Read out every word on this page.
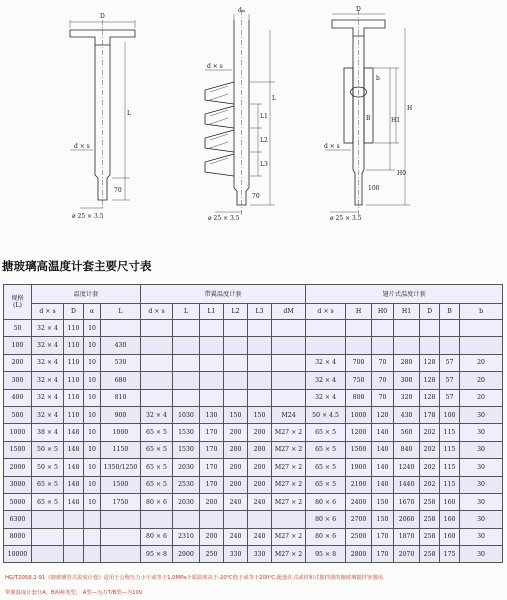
D
d × s
L
70
ø 25 × 3.5
dₘ
d × s
L
L1
L2
L3
70
ø 25 × 3.5
D
d × s
H
H1
H0
b
B
100
ø 25 × 3.5
搪玻璃高温度计套主要尺寸表
规格
(L)	温度计套				带翼温度计套						翅片式温度计套						
	d × s	D	α	L	d × s	L	L1	L2	L3	dM	d × s	H	H0	H1	D	B	b
50	32 × 4	110	10														
100	32 × 4	110	10	430													
200	32 × 4	110	10	530							32 × 4	700	70	280	128	57	20
300	32 × 4	110	10	680							32 × 4	750	70	300	128	57	20
400	32 × 4	110	10	810							32 × 4	800	70	320	128	57	20
500	32 × 4	110	10	900	32 × 4	1030	130	150	150	M24	50 × 4.5	1000	120	430	178	100	30
1000	38 × 4	148	10	1000	65 × 5	1530	170	200	200	M27 × 2	65 × 5	1200	140	560	202	115	30
1500	50 × 5	148	10	1150	65 × 5	1530	170	200	200	M27 × 2	65 × 5	1500	140	840	202	115	30
2000	50 × 5	148	10	1350/1250	65 × 5	2030	170	200	200	M27 × 2	65 × 5	1900	140	1240	202	115	30
3000	65 × 5	148	10	1500	65 × 5	2530	170	200	200	M27 × 2	65 × 5	2100	140	1440	202	115	30
5000	65 × 5	148	10	1750	80 × 6	2030	200	240	240	M27 × 2	80 × 6	2400	150	1670	258	160	30
6300											80 × 6	2700	150	2060	258	160	30
8000					80 × 6	2310	200	240	240	M27 × 2	80 × 6	2500	170	1870	258	160	30
10000					95 × 8	2900	250	330	330	M27 × 2	95 × 8	2800	170	2070	258	175	30

HG/T2058.2-91《搪玻璃管式温度计套》适用于公称压力小于或等于1.0MPa介质温度高于-20℃低于或等于200℃,配套在式或衬和式搅拌器的搪玻璃搅拌容器用.

带翼温度计套分A、B两种类型， A型—为万T/B型—为10V
